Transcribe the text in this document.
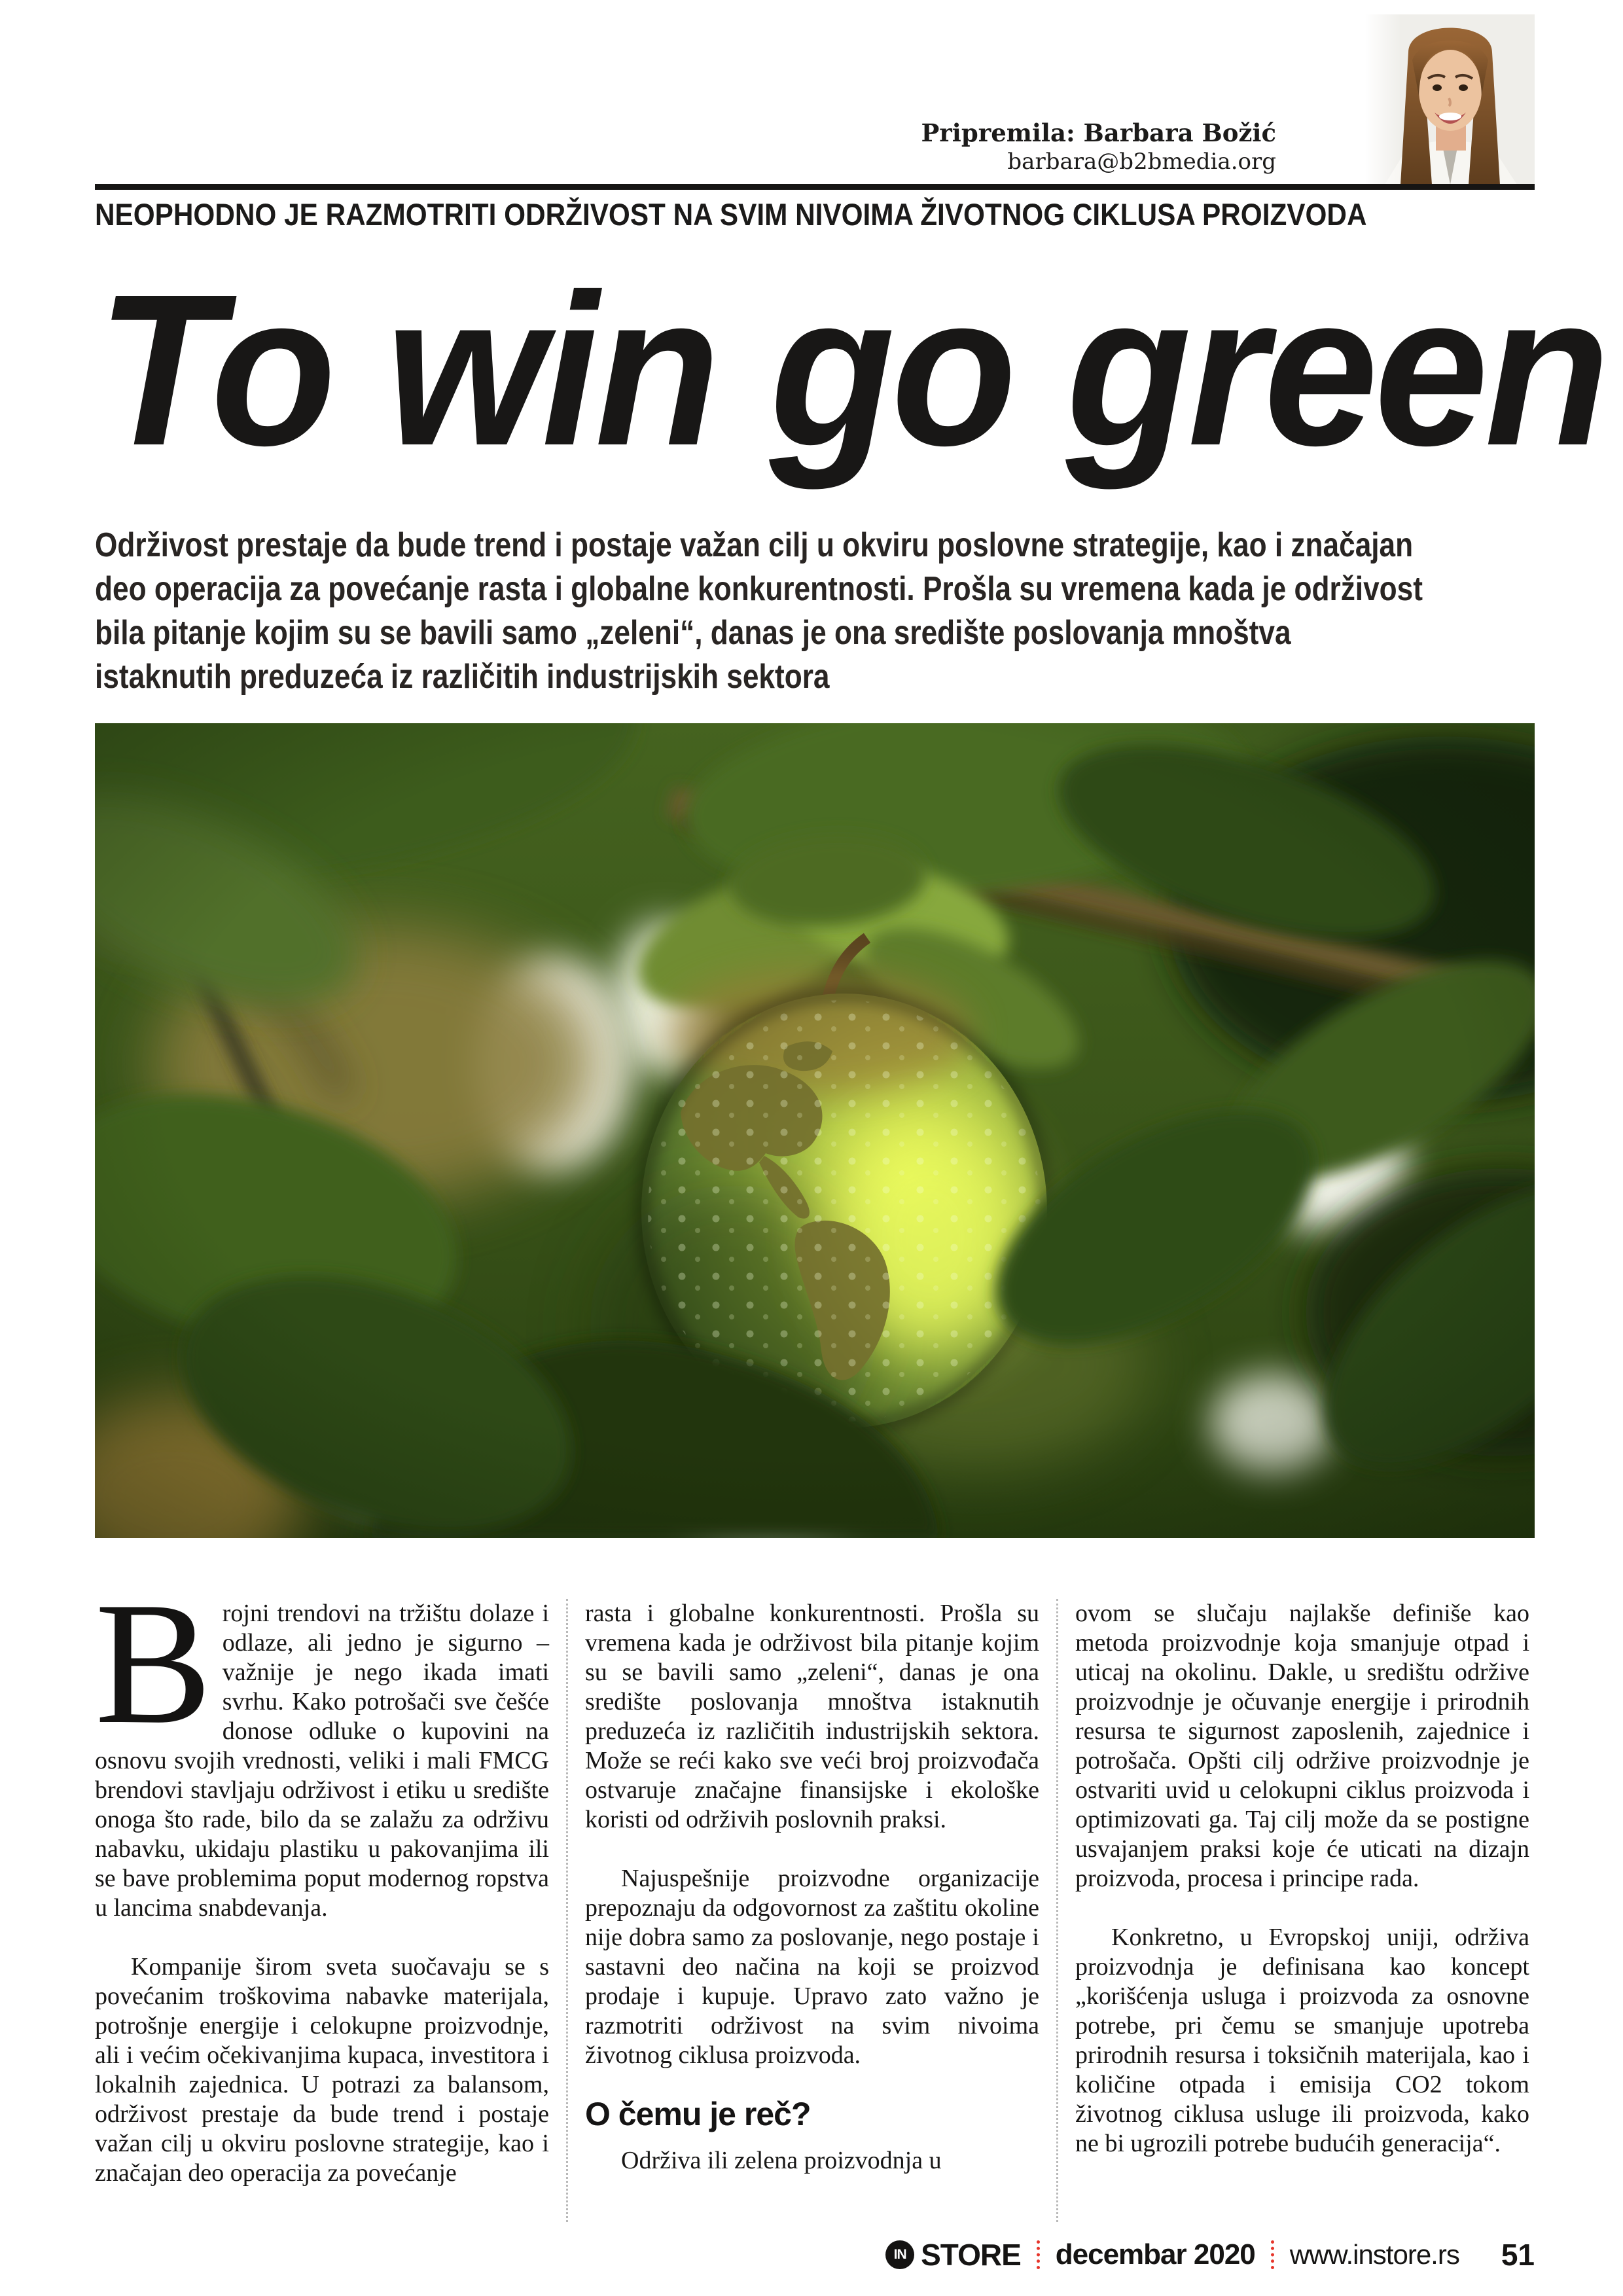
Pripremila: Barbara Božić
barbara@b2bmedia.org
NEOPHODNO JE RAZMOTRITI ODRŽIVOST NA SVIM NIVOIMA ŽIVOTNOG CIKLUSA PROIZVODA
To win go green
Održivost prestaje da bude trend i postaje važan cilj u okviru poslovne strategije, kao i značajan
deo operacija za povećanje rasta i globalne konkurentnosti. Prošla su vremena kada je održivost
bila pitanje kojim su se bavili samo „zeleni“, danas je ona središte poslovanja mnoštva
istaknutih preduzeća iz različitih industrijskih sektora

Brojni trendovi na tržištu dolaze i odlaze, ali jedno je sigurno – važnije je nego ikada imati svrhu. Kako potrošači sve češće donose odluke o kupovini na osnovu svojih vrednosti, veliki i mali FMCG brendovi stavljaju održivost i etiku u središte onoga što rade, bilo da se zalažu za održivu nabavku, ukidaju plastiku u pakovanjima ili se bave problemima poput modernog ropstva u lancima snabdevanja.

Kompanije širom sveta suočavaju se s povećanim troškovima nabavke materijala, potrošnje energije i celokupne proizvodnje, ali i većim očekivanjima kupaca, investitora i lokalnih zajednica. U potrazi za balansom, održivost prestaje da bude trend i postaje važan cilj u okviru poslovne strategije, kao i značajan deo operacija za povećanje

rasta i globalne konkurentnosti. Prošla su vremena kada je održivost bila pitanje kojim su se bavili samo „zeleni“, danas je ona središte poslovanja mnoštva istaknutih preduzeća iz različitih industrijskih sektora. Može se reći kako sve veći broj proizvođača ostvaruje značajne finansijske i ekološke koristi od održivih poslovnih praksi.

Najuspešnije proizvodne organizacije prepoznaju da odgovornost za zaštitu okoline nije dobra samo za poslovanje, nego postaje i sastavni deo načina na koji se proizvod prodaje i kupuje. Upravo zato važno je razmotriti održivost na svim nivoima životnog ciklusa proizvoda.

O čemu je reč?

Održiva ili zelena proizvodnja u

ovom se slučaju najlakše definiše kao metoda proizvodnje koja smanjuje otpad i uticaj na okolinu. Dakle, u središtu održive proizvodnje je očuvanje energije i prirodnih resursa te sigurnost zaposlenih, zajednice i potrošača. Opšti cilj održive proizvodnje je ostvariti uvid u celokupni ciklus proizvoda i optimizovati ga. Taj cilj može da se postigne usvajanjem praksi koje će uticati na dizajn proizvoda, procesa i principe rada.

Konkretno, u Evropskoj uniji, održiva proizvodnja je definisana kao koncept „korišćenja usluga i proizvoda za osnovne potrebe, pri čemu se smanjuje upotreba prirodnih resursa i toksičnih materijala, kao i količine otpada i emisija CO2 tokom životnog ciklusa usluge ili proizvoda, kako ne bi ugrozili potrebe budućih generacija“.

IN STORE decembar 2020 www.instore.rs 51
